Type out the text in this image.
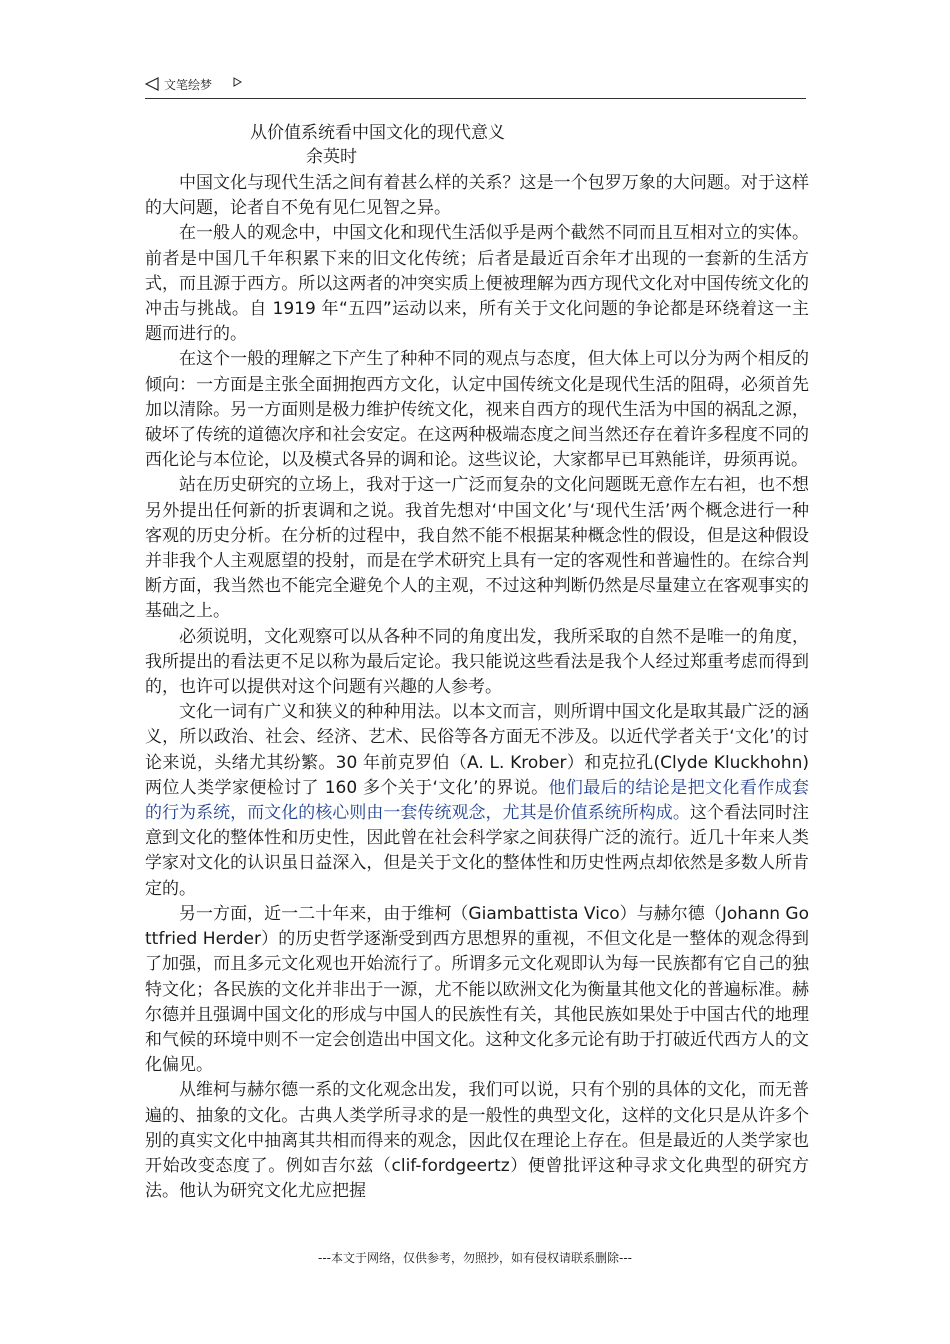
文笔绘梦
从价值系统看中国文化的现代意义
余英时

中国文化与现代生活之间有着甚么样的关系？这是一个包罗万象的大问题。对于这样的大问题，论者自不免有见仁见智之异。

在一般人的观念中，中国文化和现代生活似乎是两个截然不同而且互相对立的实体。前者是中国几千年积累下来的旧文化传统；后者是最近百余年才出现的一套新的生活方式，而且源于西方。所以这两者的冲突实质上便被理解为西方现代文化对中国传统文化的冲击与挑战。自 1919 年“五四”运动以来，所有关于文化问题的争论都是环绕着这一主题而进行的。

在这个一般的理解之下产生了种种不同的观点与态度，但大体上可以分为两个相反的倾向：一方面是主张全面拥抱西方文化，认定中国传统文化是现代生活的阻碍，必须首先加以清除。另一方面则是极力维护传统文化，视来自西方的现代生活为中国的祸乱之源，破坏了传统的道德次序和社会安定。在这两种极端态度之间当然还存在着许多程度不同的西化论与本位论，以及模式各异的调和论。这些议论，大家都早已耳熟能详，毋须再说。

站在历史研究的立场上，我对于这一广泛而复杂的文化问题既无意作左右袒，也不想另外提出任何新的折衷调和之说。我首先想对‘中国文化’与‘现代生活’两个概念进行一种客观的历史分析。在分析的过程中，我自然不能不根据某种概念性的假设，但是这种假设并非我个人主观愿望的投射，而是在学术研究上具有一定的客观性和普遍性的。在综合判断方面，我当然也不能完全避免个人的主观，不过这种判断仍然是尽量建立在客观事实的基础之上。

必须说明，文化观察可以从各种不同的角度出发，我所采取的自然不是唯一的角度，我所提出的看法更不足以称为最后定论。我只能说这些看法是我个人经过郑重考虑而得到的，也许可以提供对这个问题有兴趣的人参考。

文化一词有广义和狭义的种种用法。以本文而言，则所谓中国文化是取其最广泛的涵义，所以政治、社会、经济、艺术、民俗等各方面无不涉及。以近代学者关于‘文化’的讨论来说，头绪尤其纷繁。30 年前克罗伯（A. L. Krober）和克拉孔(Clyde Kluckhohn)两位人类学家便检讨了 160 多个关于‘文化’的界说。他们最后的结论是把文化看作成套的行为系统，而文化的核心则由一套传统观念，尤其是价值系统所构成。这个看法同时注意到文化的整体性和历史性，因此曾在社会科学家之间获得广泛的流行。近几十年来人类学家对文化的认识虽日益深入，但是关于文化的整体性和历史性两点却依然是多数人所肯定的。

另一方面，近一二十年来，由于维柯（Giambattista Vico）与赫尔德（Johann Gottfried Herder）的历史哲学逐渐受到西方思想界的重视，不但文化是一整体的观念得到了加强，而且多元文化观也开始流行了。所谓多元文化观即认为每一民族都有它自己的独特文化；各民族的文化并非出于一源，尤不能以欧洲文化为衡量其他文化的普遍标准。赫尔德并且强调中国文化的形成与中国人的民族性有关，其他民族如果处于中国古代的地理和气候的环境中则不一定会创造出中国文化。这种文化多元论有助于打破近代西方人的文化偏见。

从维柯与赫尔德一系的文化观念出发，我们可以说，只有个别的具体的文化，而无普遍的、抽象的文化。古典人类学所寻求的是一般性的典型文化，这样的文化只是从许多个别的真实文化中抽离其共相而得来的观念，因此仅在理论上存在。但是最近的人类学家也开始改变态度了。例如吉尔兹（clif-fordgeertz）便曾批评这种寻求文化典型的研究方法。他认为研究文化尤应把握

---本文于网络，仅供参考，勿照抄，如有侵权请联系删除---
